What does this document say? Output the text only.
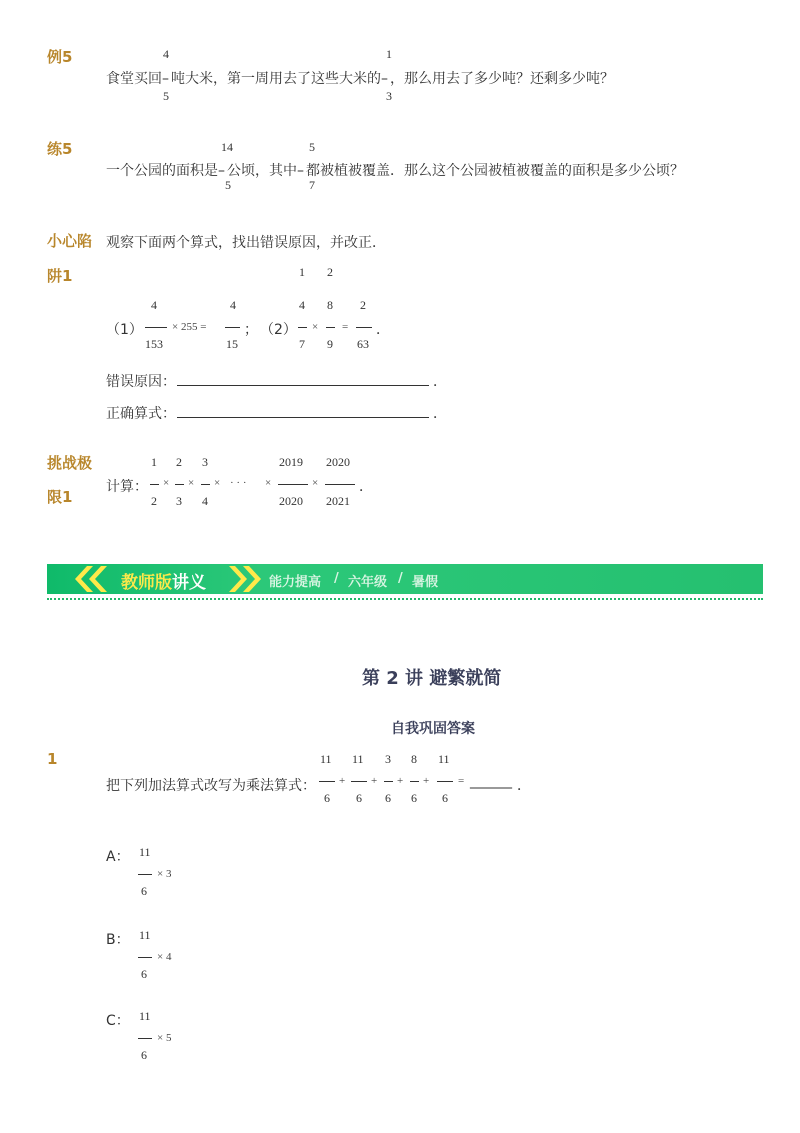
例5	4
5
1
3
食堂买回– 吨大米，第一周用去了这些大米的– ，那么用去了多少吨？还剩多少吨？
练5	14
5
5
7
一个公园的面积是– 公顷，其中– 都被植被覆盖．那么这个公园被植被覆盖的面积是多少公顷？
小心陷
阱1
观察下面两个算式，找出错误原因，并改正．
1 2
（1）
4
153
× 255 =
4
15
； （2）
4
7
×
8
9
=
2
63
．
错误原因：	．
正确算式：	．
挑战极
限1
计算：
1
2
×
2
3
×
3
4
× · · · ×
2019
2020
×
2020
2021
．
教师版讲义	能力提高 / 六年级 / 暑假
第 2 讲 避繁就简
自我巩固答案
1
把下列加法算式改写为乘法算式：
11
6
+
11
6
+
3
6
+
8
6
+
11
6
= ______ ．
A： 11
× 3
6
B： 11
× 4
6
C： 11
× 5
6
